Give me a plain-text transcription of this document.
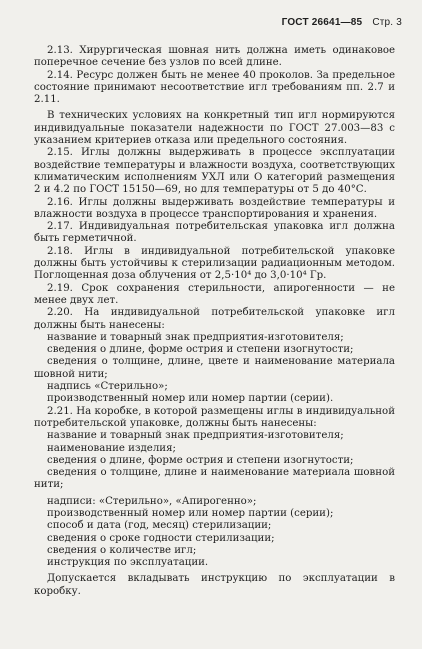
ГОСТ 26641—85 Стр. 3

2.13. Хирургическая шовная нить должна иметь одинаковое поперечное сечение без узлов по всей длине.

2.14. Ресурс должен быть не менее 40 проколов. За предельное состояние принимают несоответствие игл требованиям пп. 2.7 и 2.11.

В технических условиях на конкретный тип игл нормируются индивидуальные показатели надежности по ГОСТ 27.003—83 с указанием критериев отказа или предельного состояния.

2.15. Иглы должны выдерживать в процессе эксплуатации воздействие температуры и влажности воздуха, соответствующих климатическим исполнениям УХЛ или О категорий размещения 2 и 4.2 по ГОСТ 15150—69, но для температуры от 5 до 40°С.

2.16. Иглы должны выдерживать воздействие температуры и влажности воздуха в процессе транспортирования и хранения.

2.17. Индивидуальная потребительская упаковка игл должна быть герметичной.

2.18. Иглы в индивидуальной потребительской упаковке должны быть устойчивы к стерилизации радиационным методом. Поглощенная доза облучения от 2,5·10⁴ до 3,0·10⁴ Гр.

2.19. Срок сохранения стерильности, апирогенности — не менее двух лет.

2.20. На индивидуальной потребительской упаковке игл должны быть нанесены:

название и товарный знак предприятия-изготовителя;

сведения о длине, форме острия и степени изогнутости;

сведения о толщине, длине, цвете и наименование материала шовной нити;

надпись «Стерильно»;

производственный номер или номер партии (серии).

2.21. На коробке, в которой размещены иглы в индивидуальной потребительской упаковке, должны быть нанесены:

название и товарный знак предприятия-изготовителя;

наименование изделия;

сведения о длине, форме острия и степени изогнутости;

сведения о толщине, длине и наименование материала шовной нити;

надписи: «Стерильно», «Апирогенно»;

производственный номер или номер партии (серии);

способ и дата (год, месяц) стерилизации;

сведения о сроке годности стерилизации;

сведения о количестве игл;

инструкция по эксплуатации.

Допускается вкладывать инструкцию по эксплуатации в коробку.
